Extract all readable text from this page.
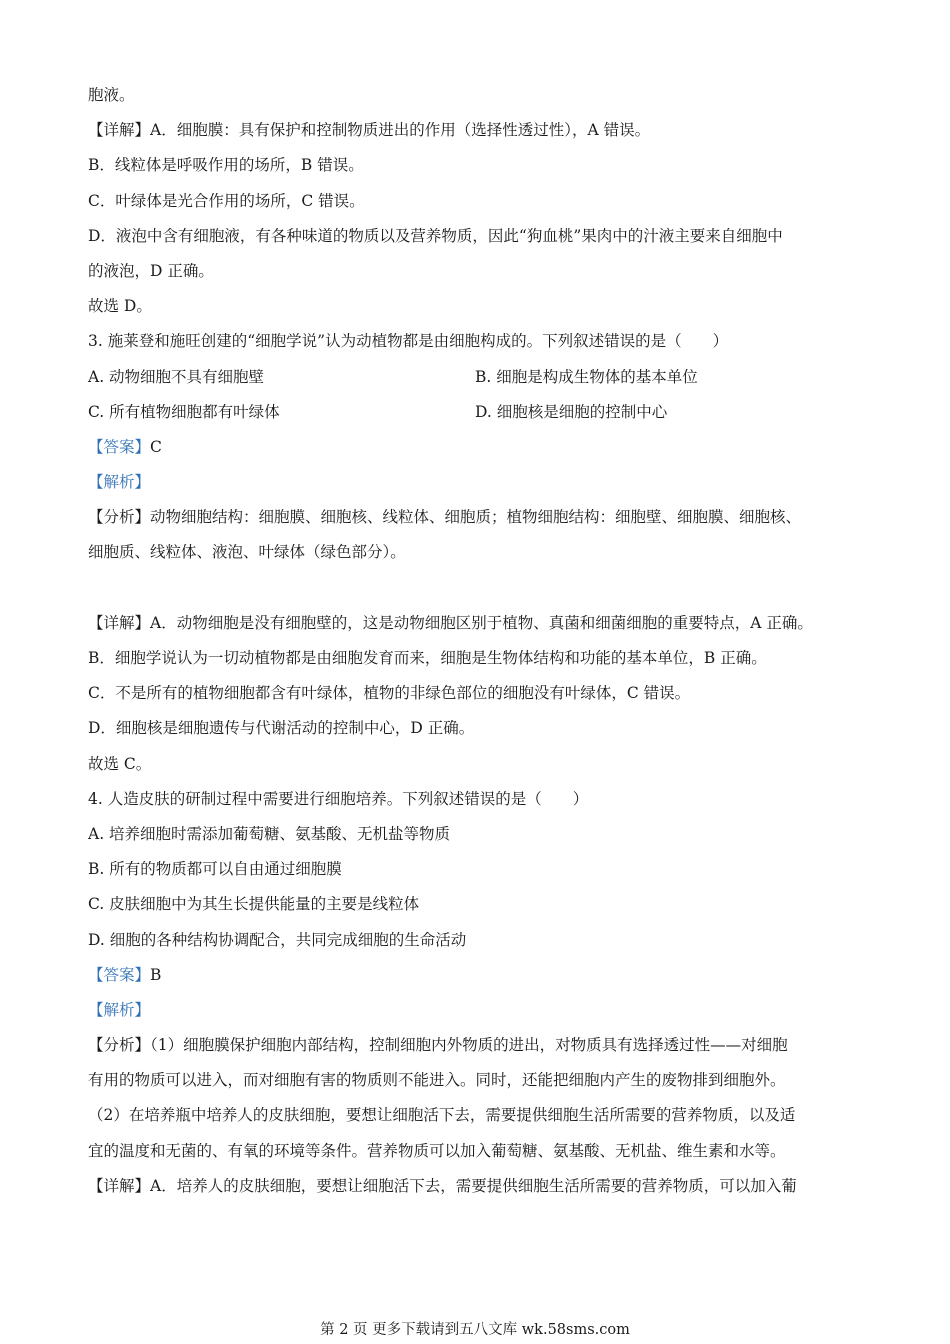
胞液。
【详解】A．细胞膜：具有保护和控制物质进出的作用（选择性透过性），A 错误。
B．线粒体是呼吸作用的场所，B 错误。
C．叶绿体是光合作用的场所，C 错误。
D．液泡中含有细胞液，有各种味道的物质以及营养物质，因此“狗血桃”果肉中的汁液主要来自细胞中
的液泡，D 正确。
故选 D。
3. 施莱登和施旺创建的“细胞学说”认为动植物都是由细胞构成的。下列叙述错误的是（　　）
A. 动物细胞不具有细胞壁	B. 细胞是构成生物体的基本单位
C. 所有植物细胞都有叶绿体	D. 细胞核是细胞的控制中心
【答案】C
【解析】
【分析】动物细胞结构：细胞膜、细胞核、线粒体、细胞质；植物细胞结构：细胞壁、细胞膜、细胞核、
细胞质、线粒体、液泡、叶绿体（绿色部分）。
【详解】A．动物细胞是没有细胞壁的，这是动物细胞区别于植物、真菌和细菌细胞的重要特点，A 正确。
B．细胞学说认为一切动植物都是由细胞发育而来，细胞是生物体结构和功能的基本单位，B 正确。
C．不是所有的植物细胞都含有叶绿体，植物的非绿色部位的细胞没有叶绿体，C 错误。
D．细胞核是细胞遗传与代谢活动的控制中心，D 正确。
故选 C。
4. 人造皮肤的研制过程中需要进行细胞培养。下列叙述错误的是（　　）
A. 培养细胞时需添加葡萄糖、氨基酸、无机盐等物质
B. 所有的物质都可以自由通过细胞膜
C. 皮肤细胞中为其生长提供能量的主要是线粒体
D. 细胞的各种结构协调配合，共同完成细胞的生命活动
【答案】B
【解析】
【分析】（1）细胞膜保护细胞内部结构，控制细胞内外物质的进出，对物质具有选择透过性——对细胞
有用的物质可以进入，而对细胞有害的物质则不能进入。同时，还能把细胞内产生的废物排到细胞外。
（2）在培养瓶中培养人的皮肤细胞，要想让细胞活下去，需要提供细胞生活所需要的营养物质，以及适
宜的温度和无菌的、有氧的环境等条件。营养物质可以加入葡萄糖、氨基酸、无机盐、维生素和水等。
【详解】A．培养人的皮肤细胞，要想让细胞活下去，需要提供细胞生活所需要的营养物质，可以加入葡
第 2 页 更多下载请到五八文库 wk.58sms.com
